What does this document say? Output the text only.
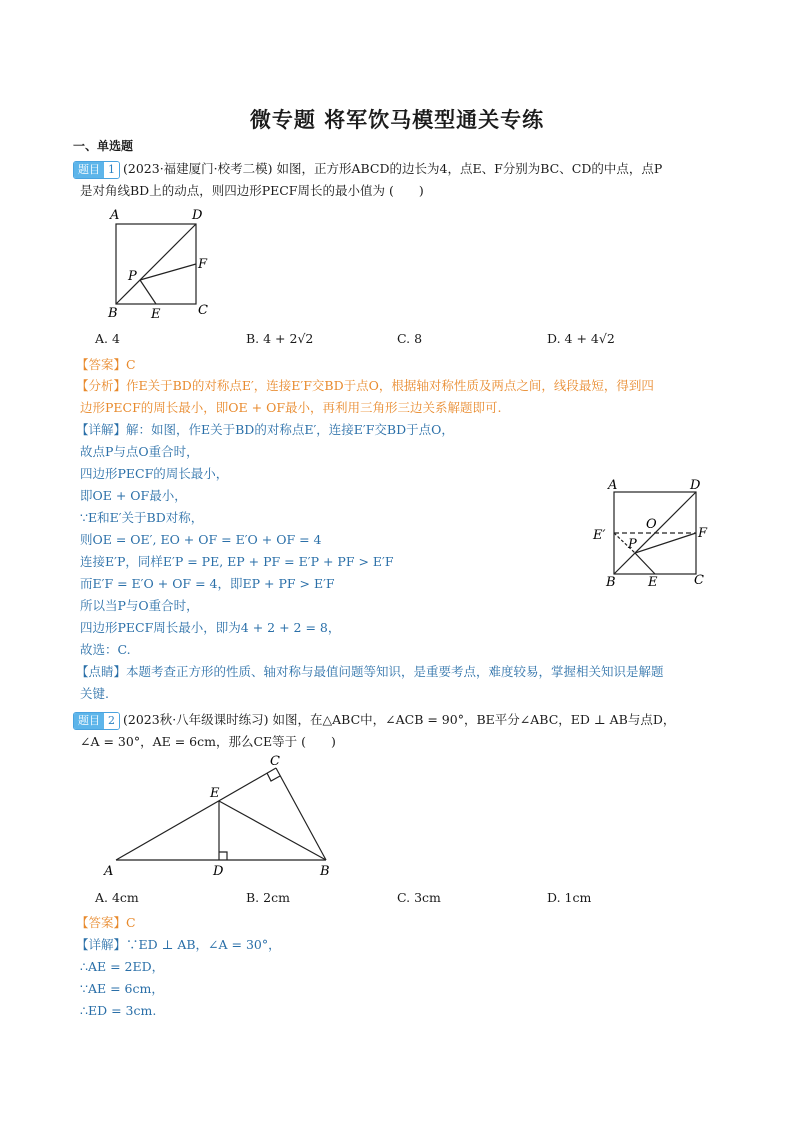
微专题 将军饮马模型通关专练
一、单选题
题目 1 (2023·福建厦门·校考二模) 如图，正方形ABCD的边长为4，点E、F分别为BC、CD的中点，点P
是对角线BD上的动点，则四边形PECF周长的最小值为 (　　)
A	D
B	C
E
F
P
A. 4	B. 4 + 2√2	C. 8	D. 4 + 4√2
【答案】C
【分析】作E关于BD的对称点E′，连接E′F交BD于点O，根据轴对称性质及两点之间，线段最短，得到四
边形PECF的周长最小，即OE + OF最小，再利用三角形三边关系解题即可.
【详解】解：如图，作E关于BD的对称点E′，连接E′F交BD于点O，
故点P与点O重合时，
四边形PECF的周长最小，
即OE + OF最小，
∵E和E′关于BD对称，
则OE = OE′, EO + OF = E′O + OF = 4
连接E′P，同样E′P = PE, EP + PF = E′P + PF > E′F
而E′F = E′O + OF = 4，即EP + PF > E′F
所以当P与O重合时，
四边形PECF周长最小，即为4 + 2 + 2 = 8，
故选：C.
A	D
B	C
E
F
P
O
E′
【点睛】本题考查正方形的性质、轴对称与最值问题等知识，是重要考点，难度较易，掌握相关知识是解题
关键.
题目 2 (2023秋·八年级课时练习) 如图，在△ABC中，∠ACB = 90°，BE平分∠ABC，ED ⊥ AB与点D，
∠A = 30°，AE = 6cm，那么CE等于 (　　)
A	B
C
D
E
A. 4cm	B. 2cm	C. 3cm	D. 1cm
【答案】C
【详解】∵ED ⊥ AB，∠A = 30°，
∴AE = 2ED，
∵AE = 6cm，
∴ED = 3cm.
